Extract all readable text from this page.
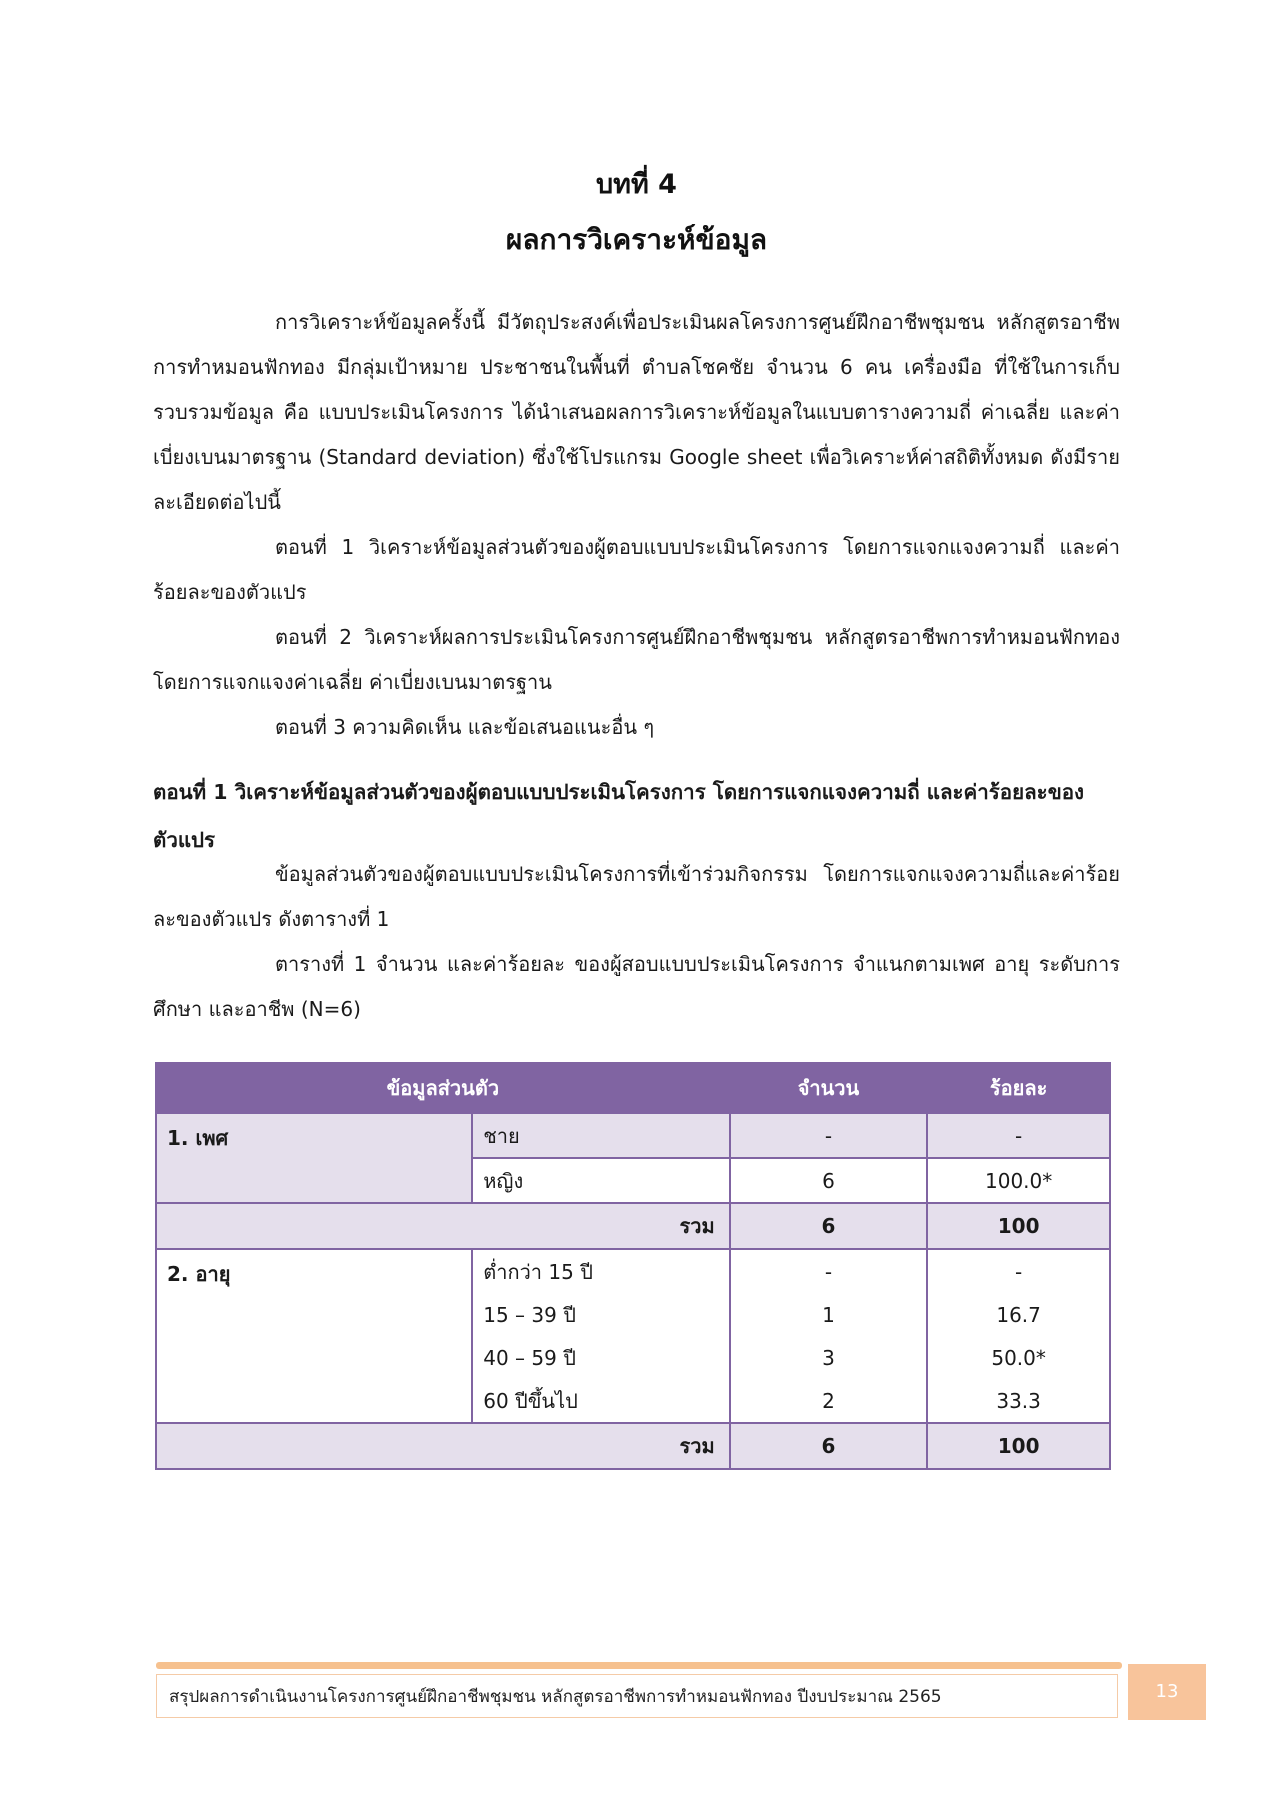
บทที่ 4
ผลการวิเคราะห์ข้อมูล

การวิเคราะห์ข้อมูลครั้งนี้ มีวัตถุประสงค์เพื่อประเมินผลโครงการศูนย์ฝึกอาชีพชุมชน หลักสูตรอาชีพการทำหมอนฟักทอง มีกลุ่มเป้าหมาย ประชาชนในพื้นที่ ตำบลโชคชัย จำนวน 6 คน เครื่องมือ ที่ใช้ในการเก็บรวบรวมข้อมูล คือ แบบประเมินโครงการ ได้นำเสนอผลการวิเคราะห์ข้อมูลในแบบตารางความถี่ ค่าเฉลี่ย และค่าเบี่ยงเบนมาตรฐาน (Standard deviation) ซึ่งใช้โปรแกรม Google sheet เพื่อวิเคราะห์ค่าสถิติทั้งหมด ดังมีรายละเอียดต่อไปนี้

ตอนที่ 1 วิเคราะห์ข้อมูลส่วนตัวของผู้ตอบแบบประเมินโครงการ โดยการแจกแจงความถี่ และค่าร้อยละของตัวแปร

ตอนที่ 2 วิเคราะห์ผลการประเมินโครงการศูนย์ฝึกอาชีพชุมชน หลักสูตรอาชีพการทำหมอนฟักทอง โดยการแจกแจงค่าเฉลี่ย ค่าเบี่ยงเบนมาตรฐาน

ตอนที่ 3 ความคิดเห็น และข้อเสนอแนะอื่น ๆ

ตอนที่ 1 วิเคราะห์ข้อมูลส่วนตัวของผู้ตอบแบบประเมินโครงการ โดยการแจกแจงความถี่ และค่าร้อยละของตัวแปร

ข้อมูลส่วนตัวของผู้ตอบแบบประเมินโครงการที่เข้าร่วมกิจกรรม โดยการแจกแจงความถี่และค่าร้อยละของตัวแปร ดังตารางที่ 1

ตารางที่ 1 จำนวน และค่าร้อยละ ของผู้สอบแบบประเมินโครงการ จำแนกตามเพศ อายุ ระดับการศึกษา และอาชีพ (N=6)

ข้อมูลส่วนตัว		จำนวน	ร้อยละ
1. เพศ	ชาย	-	-
	หญิง	6	100.0*
รวม		6	100
2. อายุ	ต่ำกว่า 15 ปี	-	-
	15 – 39 ปี	1	16.7
	40 – 59 ปี	3	50.0*
	60 ปีขึ้นไป	2	33.3
รวม		6	100
สรุปผลการดำเนินงานโครงการศูนย์ฝึกอาชีพชุมชน หลักสูตรอาชีพการทำหมอนฟักทอง ปีงบประมาณ 2565	13
